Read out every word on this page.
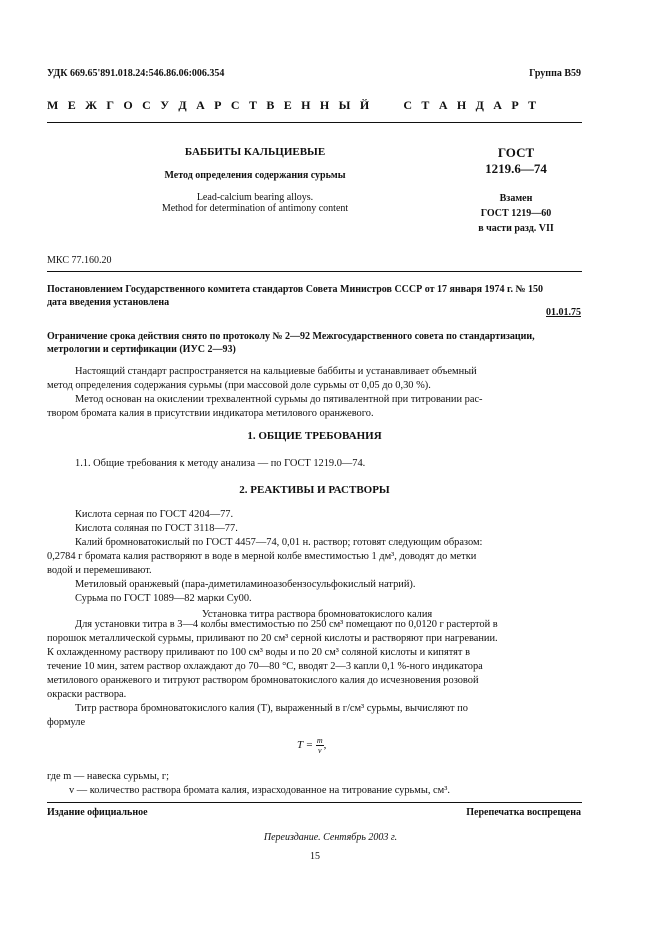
УДК 669.65'891.018.24:546.86.06:006.354	Группа В59
М Е Ж Г О С У Д А Р С Т В Е Н Н Ы Й     С Т А Н Д А Р Т
БАББИТЫ КАЛЬЦИЕВЫЕ
Метод определения содержания сурьмы
Lead-calcium bearing alloys.
Method for determination of antimony content
ГОСТ
1219.6—74
Взамен
ГОСТ 1219—60
в части разд. VII
МКС 77.160.20
Постановлением Государственного комитета стандартов Совета Министров СССР от 17 января 1974 г. № 150
дата введения установлена
01.01.75
Ограничение срока действия снято по протоколу № 2—92 Межгосударственного совета по стандартизации,
метрологии и сертификации (ИУС 2—93)
Настоящий стандарт распространяется на кальциевые баббиты и устанавливает объемный
метод определения содержания сурьмы (при массовой доле сурьмы от 0,05 до 0,30 %).
Метод основан на окислении трехвалентной сурьмы до пятивалентной при титровании рас-
твором бромата калия в присутствии индикатора метилового оранжевого.
1. ОБЩИЕ ТРЕБОВАНИЯ
1.1. Общие требования к методу анализа — по ГОСТ 1219.0—74.
2. РЕАКТИВЫ И РАСТВОРЫ
Кислота серная по ГОСТ 4204—77.
Кислота соляная по ГОСТ 3118—77.
Калий бромноватокислый по ГОСТ 4457—74, 0,01 н. раствор; готовят следующим образом:
0,2784 г бромата калия растворяют в воде в мерной колбе вместимостью 1 дм³, доводят до метки
водой и перемешивают.
Метиловый оранжевый (пара-диметиламиноазобензосульфокислый натрий).
Сурьма по ГОСТ 1089—82 марки Су00.
Установка титра раствора бромноватокислого калия
Для установки титра в 3—4 колбы вместимостью по 250 см³ помещают по 0,0120 г растертой в
порошок металлической сурьмы, приливают по 20 см³ серной кислоты и растворяют при нагревании.
К охлажденному раствору приливают по 100 см³ воды и по 20 см³ соляной кислоты и кипятят в
течение 10 мин, затем раствор охлаждают до 70—80 °С, вводят 2—3 капли 0,1 %-ного индикатора
метилового оранжевого и титруют раствором бромноватокислого калия до исчезновения розовой
окраски раствора.
Титр раствора бромноватокислого калия (Т), выраженный в г/см³ сурьмы, вычисляют по
формуле
$T = \frac{m}{v}$ ,
где m — навеска сурьмы, г;
v — количество раствора бромата калия, израсходованное на титрование сурьмы, см³.
Издание официальное	Перепечатка воспрещена
Переиздание. Сентябрь 2003 г.
15
